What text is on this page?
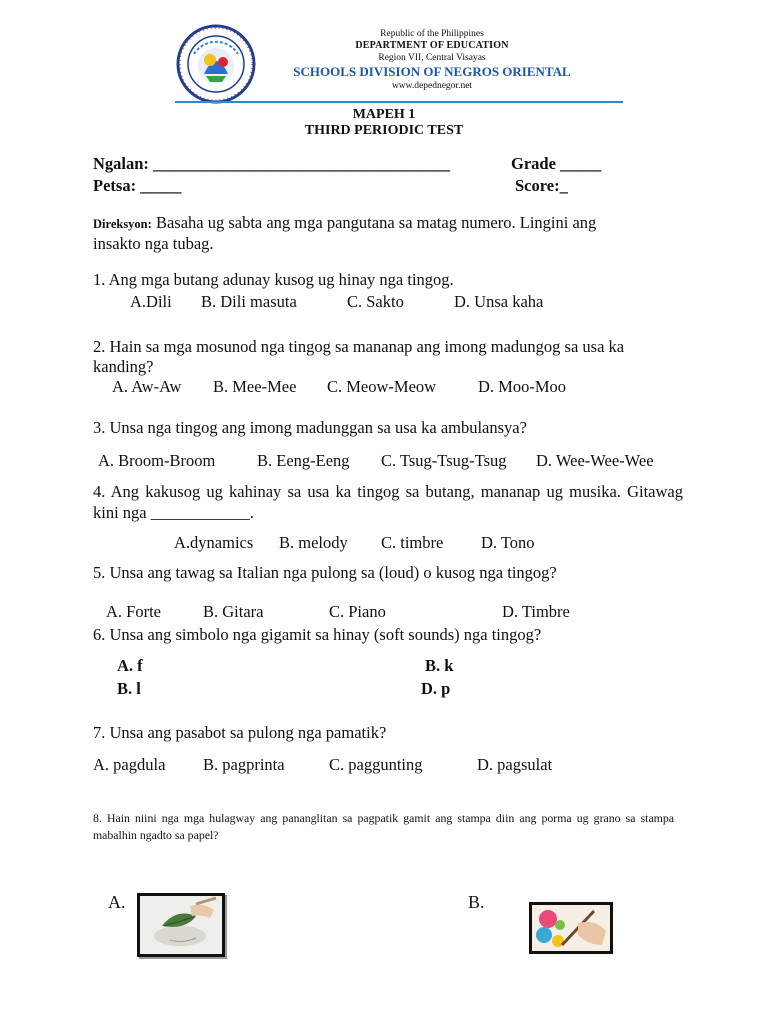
Republic of the Philippines
DEPARTMENT OF EDUCATION
Region VII, Central Visayas
SCHOOLS DIVISION OF NEGROS ORIENTAL
www.depednegor.net
MAPEH 1
THIRD PERIODIC TEST
Ngalan: ____________________________________	Grade _____
Petsa: _____	Score:_
Direksyon: Basaha ug sabta ang mga pangutana sa matag numero. Lingini ang
insakto nga tubag.
1. Ang mga butang adunay kusog ug hinay nga tingog.
A.Dili B. Dili masuta	C. Sakto	D. Unsa kaha
2. Hain sa mga mosunod nga tingog sa mananap ang imong madungog sa usa ka kanding?
A. Aw-Aw B. Mee-Mee C. Meow-Meow	D. Moo-Moo
3. Unsa nga tingog ang imong madunggan sa usa ka ambulansya?
A. Broom-Broom	B. Eeng-Eeng C. Tsug-Tsug-Tsug D. Wee-Wee-Wee
4. Ang kakusog ug kahinay sa usa ka tingog sa butang, mananap ug musika. Gitawag kini nga ____________.
A.dynamics B. melody C. timbre D. Tono
5. Unsa ang tawag sa Italian nga pulong sa (loud) o kusog nga tingog?
A. Forte	B. Gitara	C. Piano	D. Timbre
6. Unsa ang simbolo nga gigamit sa hinay (soft sounds) nga tingog?
A. f	B. k
B. l	D. p
7. Unsa ang pasabot sa pulong nga pamatik?
A. pagdula B. pagprinta	C. paggunting	D. pagsulat
8. Hain niini nga mga hulagway ang pananglitan sa pagpatik gamit ang stampa diin ang porma ug grano sa stampa mabalhin ngadto sa papel?
A.	B.
